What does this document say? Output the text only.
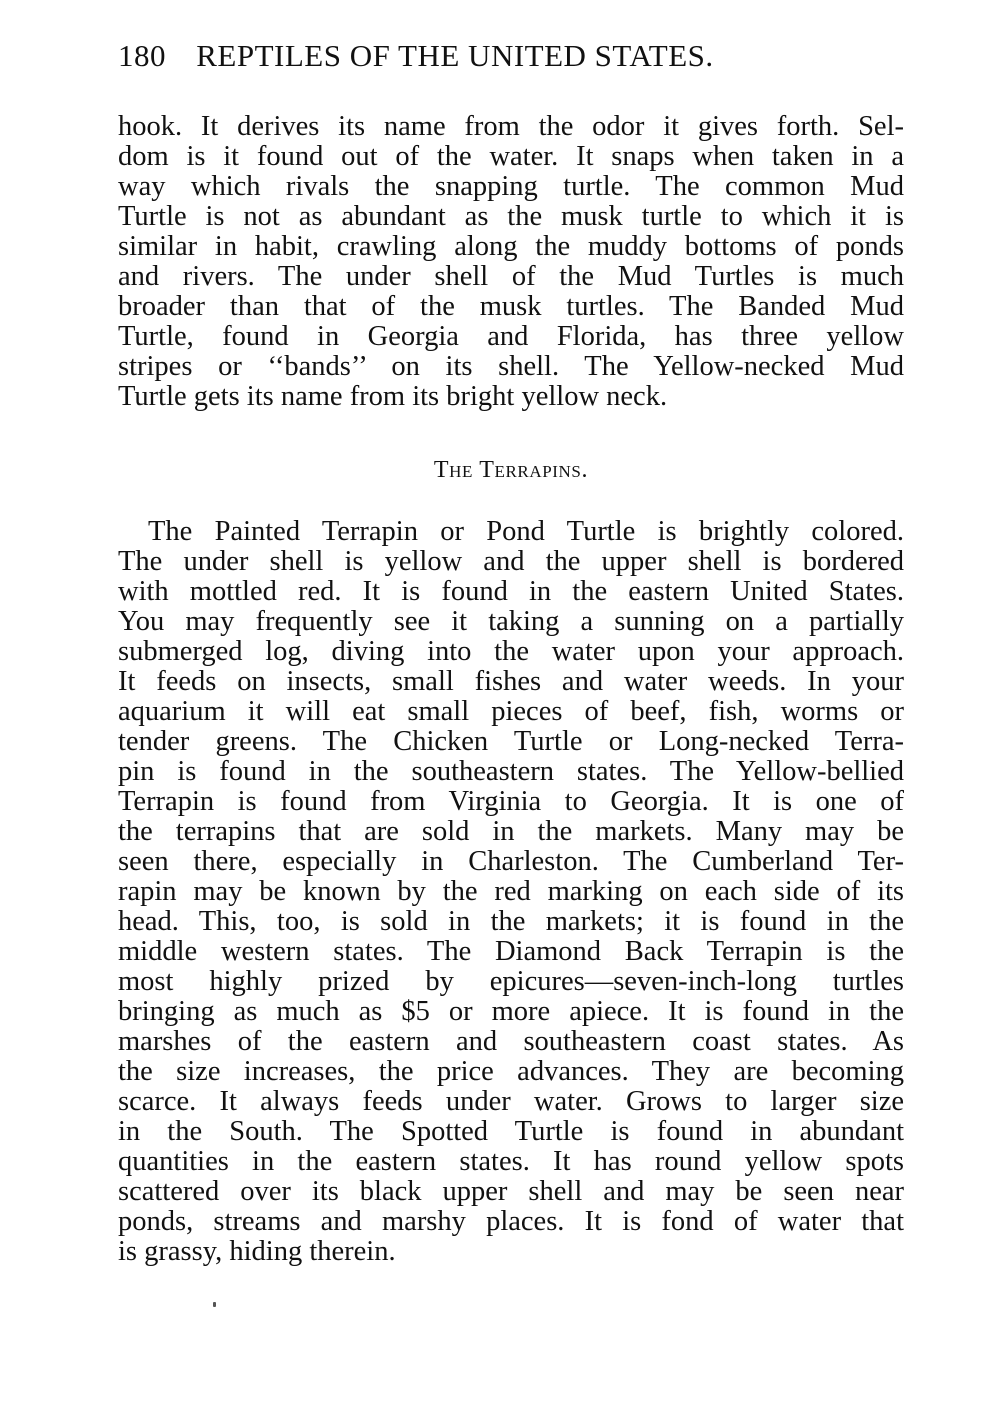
180 REPTILES OF THE UNITED STATES.
hook. It derives its name from the odor it gives forth. Sel-
dom is it found out of the water. It snaps when taken in a
way which rivals the snapping turtle. The common Mud
Turtle is not as abundant as the musk turtle to which it is
similar in habit, crawling along the muddy bottoms of ponds
and rivers. The under shell of the Mud Turtles is much
broader than that of the musk turtles. The Banded Mud
Turtle, found in Georgia and Florida, has three yellow
stripes or ‘‘bands’’ on its shell. The Yellow-necked Mud
Turtle gets its name from its bright yellow neck.
The Terrapins.
The Painted Terrapin or Pond Turtle is brightly colored.
The under shell is yellow and the upper shell is bordered
with mottled red. It is found in the eastern United States.
You may frequently see it taking a sunning on a partially
submerged log, diving into the water upon your approach.
It feeds on insects, small fishes and water weeds. In your
aquarium it will eat small pieces of beef, fish, worms or
tender greens. The Chicken Turtle or Long-necked Terra-
pin is found in the southeastern states. The Yellow-bellied
Terrapin is found from Virginia to Georgia. It is one of
the terrapins that are sold in the markets. Many may be
seen there, especially in Charleston. The Cumberland Ter-
rapin may be known by the red marking on each side of its
head. This, too, is sold in the markets; it is found in the
middle western states. The Diamond Back Terrapin is the
most highly prized by epicures—seven-inch-long turtles
bringing as much as $5 or more apiece. It is found in the
marshes of the eastern and southeastern coast states. As
the size increases, the price advances. They are becoming
scarce. It always feeds under water. Grows to larger size
in the South. The Spotted Turtle is found in abundant
quantities in the eastern states. It has round yellow spots
scattered over its black upper shell and may be seen near
ponds, streams and marshy places. It is fond of water that
is grassy, hiding therein.
